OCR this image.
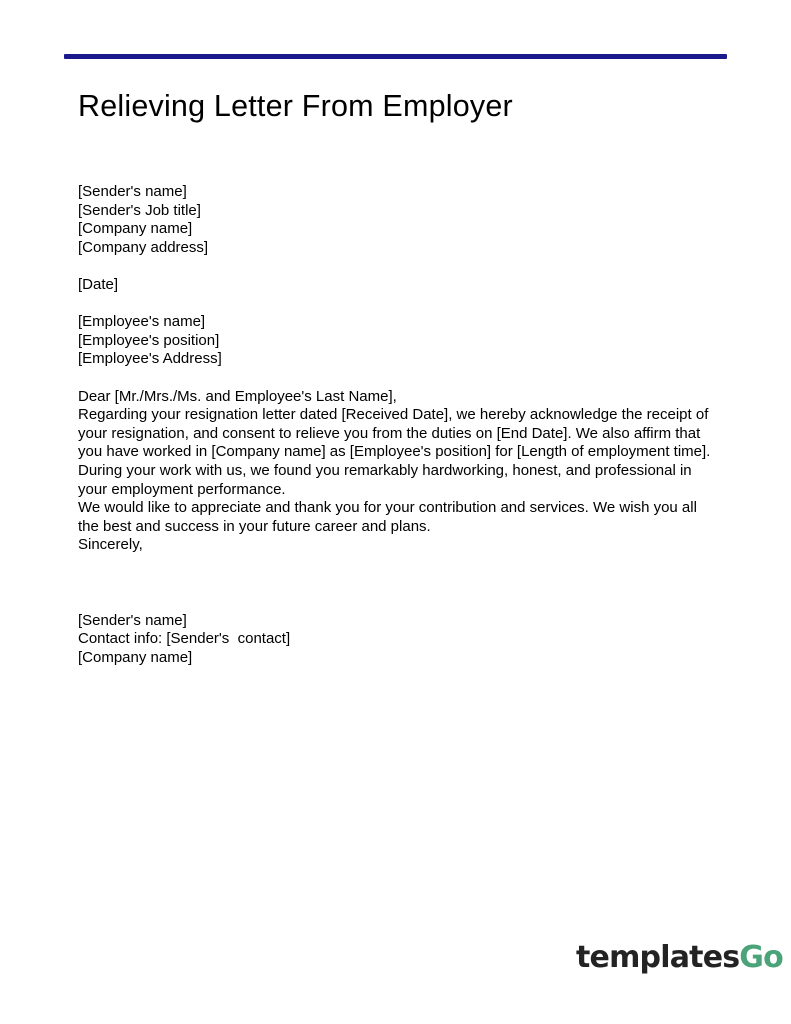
Relieving Letter From Employer

[Sender's name]

[Sender's Job title]

[Company name]

[Company address]

[Date]

[Employee's name]

[Employee's position]

[Employee's Address]

Dear [Mr./Mrs./Ms. and Employee's Last Name],

Regarding your resignation letter dated [Received Date], we hereby acknowledge the receipt of your resignation, and consent to relieve you from the duties on [End Date]. We also affirm that you have worked in [Company name] as [Employee's position] for [Length of employment time].

During your work with us, we found you remarkably hardworking, honest, and professional in your employment performance.

We would like to appreciate and thank you for your contribution and services. We wish you all the best and success in your future career and plans.

Sincerely,

[Sender's name]

Contact info: [Sender's  contact]

[Company name]

templatesGo
